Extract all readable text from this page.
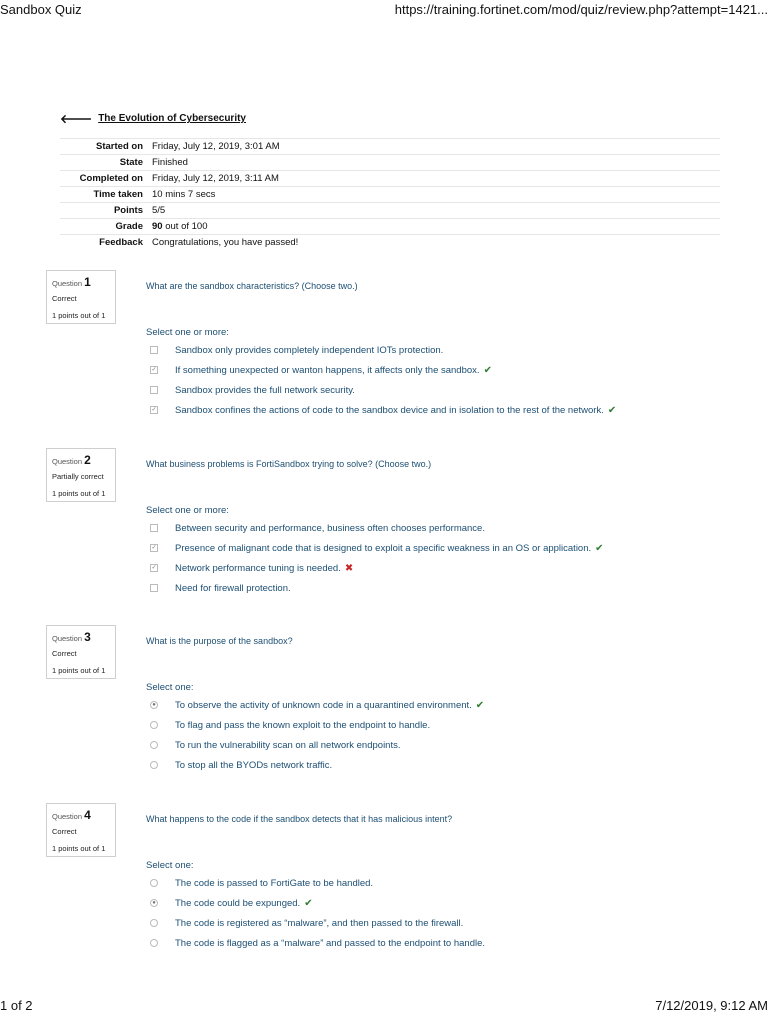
Sandbox Quiz	https://training.fortinet.com/mod/quiz/review.php?attempt=1421...
🡐 The Evolution of Cybersecurity
Started on	Friday, July 12, 2019, 3:01 AM
State	Finished
Completed on	Friday, July 12, 2019, 3:11 AM
Time taken	10 mins 7 secs
Points	5/5
Grade	90 out of 100
Feedback	Congratulations, you have passed!
Question 1
Correct
1 points out of 1
What are the sandbox characteristics? (Choose two.)
Select one or more:
Sandbox only provides completely independent IOTs protection.
✓ If something unexpected or wanton happens, it affects only the sandbox. ✔
Sandbox provides the full network security.
✓ Sandbox confines the actions of code to the sandbox device and in isolation to the rest of the network. ✔
Question 2
Partially correct
1 points out of 1
What business problems is FortiSandbox trying to solve? (Choose two.)
Select one or more:
Between security and performance, business often chooses performance.
✓ Presence of malignant code that is designed to exploit a specific weakness in an OS or application. ✔
✓ Network performance tuning is needed. ✖
Need for firewall protection.
Question 3
Correct
1 points out of 1
What is the purpose of the sandbox?
Select one:
● To observe the activity of unknown code in a quarantined environment. ✔
To flag and pass the known exploit to the endpoint to handle.
To run the vulnerability scan on all network endpoints.
To stop all the BYODs network traffic.
Question 4
Correct
1 points out of 1
What happens to the code if the sandbox detects that it has malicious intent?
Select one:
The code is passed to FortiGate to be handled.
● The code could be expunged. ✔
The code is registered as “malware”, and then passed to the firewall.
The code is flagged as a “malware” and passed to the endpoint to handle.
1 of 2	7/12/2019, 9:12 AM
